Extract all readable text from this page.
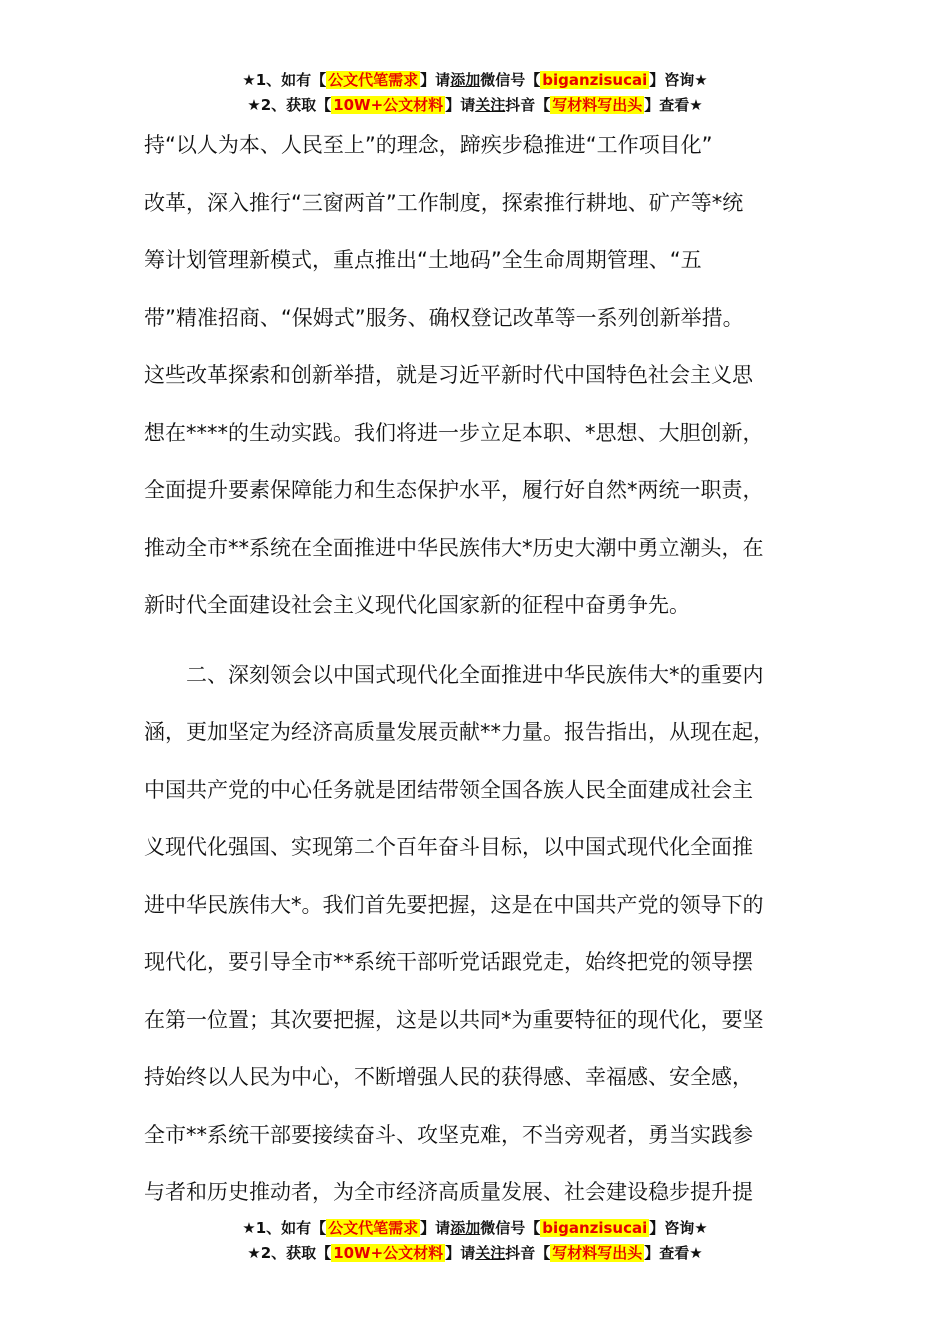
★1、如有【 公文代笔需求 】请添加微信号【 biganzisucai 】咨询★
★2、获取【 10W+公文材料 】请关注抖音【 写材料写出头 】查看★
持“以人为本、人民至上”的理念，蹄疾步稳推进“工作项目化”
改革，深入推行“三窗两首”工作制度，探索推行耕地、矿产等*统
筹计划管理新模式，重点推出“土地码”全生命周期管理、“五
带”精准招商、“保姆式”服务、确权登记改革等一系列创新举措。
这些改革探索和创新举措，就是习近平新时代中国特色社会主义思
想在****的生动实践。我们将进一步立足本职、*思想、大胆创新，
全面提升要素保障能力和生态保护水平，履行好自然*两统一职责，
推动全市**系统在全面推进中华民族伟大*历史大潮中勇立潮头，在
新时代全面建设社会主义现代化国家新的征程中奋勇争先。
　　二、深刻领会以中国式现代化全面推进中华民族伟大*的重要内
涵，更加坚定为经济高质量发展贡献**力量。报告指出，从现在起，
中国共产党的中心任务就是团结带领全国各族人民全面建成社会主
义现代化强国、实现第二个百年奋斗目标，以中国式现代化全面推
进中华民族伟大*。我们首先要把握，这是在中国共产党的领导下的
现代化，要引导全市**系统干部听党话跟党走，始终把党的领导摆
在第一位置；其次要把握，这是以共同*为重要特征的现代化，要坚
持始终以人民为中心，不断增强人民的获得感、幸福感、安全感，
全市**系统干部要接续奋斗、攻坚克难，不当旁观者，勇当实践参
与者和历史推动者，为全市经济高质量发展、社会建设稳步提升提
★1、如有【 公文代笔需求 】请添加微信号【 biganzisucai 】咨询★
★2、获取【 10W+公文材料 】请关注抖音【 写材料写出头 】查看★
